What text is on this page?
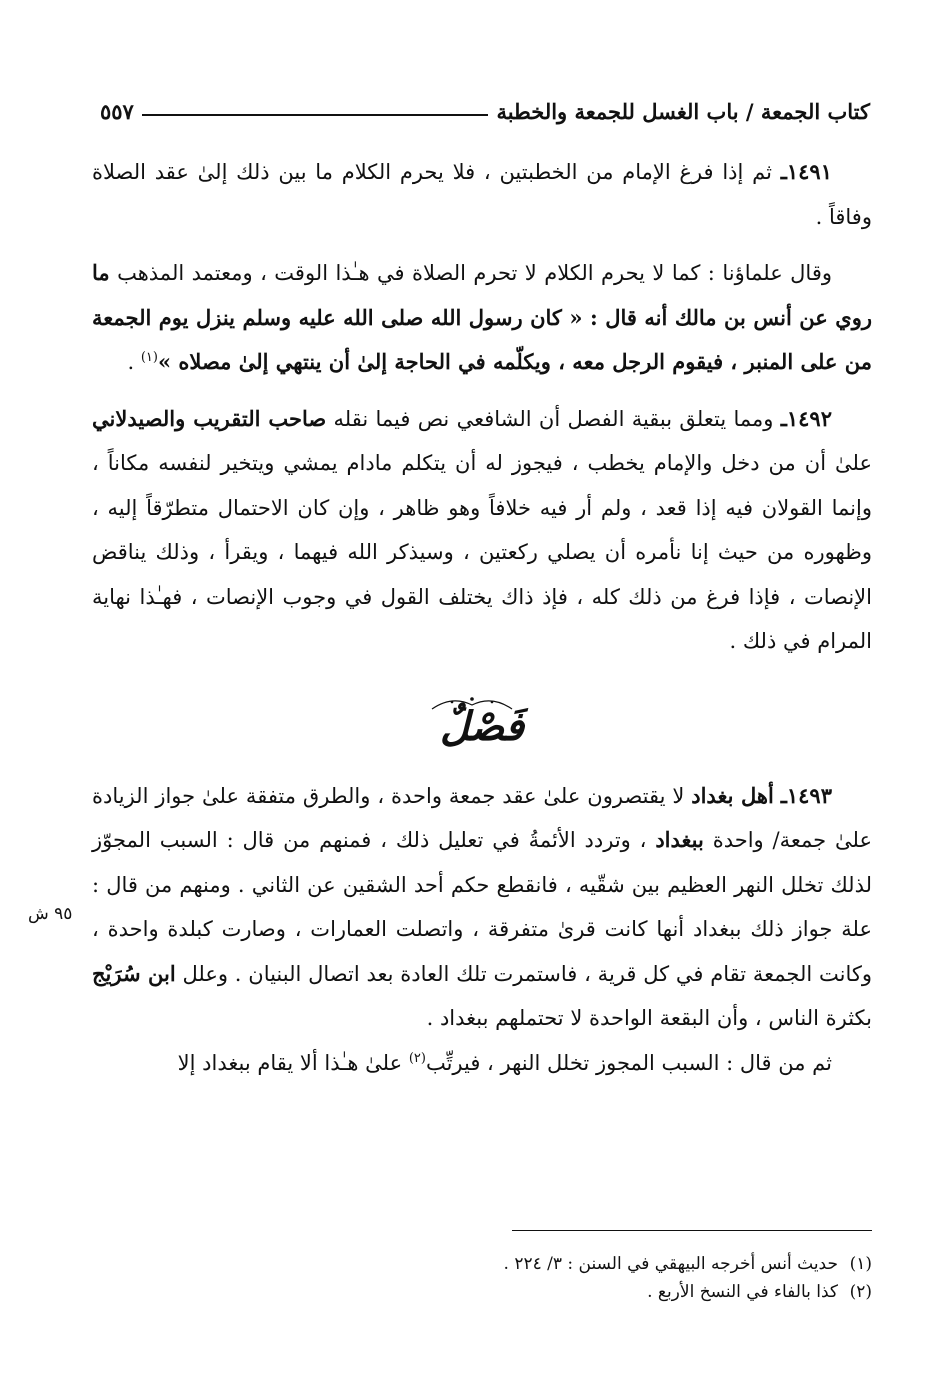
كتاب الجمعة / باب الغسل للجمعة والخطبة
٥٥٧
٩٥ ش

١٤٩١ـ ثم إذا فرغ الإمام من الخطبتين ، فلا يحرم الكلام ما بين ذلك إلىٰ عقد الصلاة وفاقاً .

وقال علماؤنا : كما لا يحرم الكلام لا تحرم الصلاة في هـٰذا الوقت ، ومعتمد المذهب ما روي عن أنس بن مالك أنه قال : « كان رسول الله صلى الله عليه وسلم ينزل يوم الجمعة من على المنبر ، فيقوم الرجل معه ، ويكلّمه في الحاجة إلىٰ أن ينتهي إلىٰ مصلاه »$^{(١)}$ .

١٤٩٢ـ ومما يتعلق ببقية الفصل أن الشافعي نص فيما نقله صاحب التقريب والصيدلاني علىٰ أن من دخل والإمام يخطب ، فيجوز له أن يتكلم مادام يمشي ويتخير لنفسه مكاناً ، وإنما القولان فيه إذا قعد ، ولم أر فيه خلافاً وهو ظاهر ، وإن كان الاحتمال متطرّقاً إليه ، وظهوره من حيث إنا نأمره أن يصلي ركعتين ، وسيذكر الله فيهما ، ويقرأ ، وذلك يناقض الإنصات ، فإذا فرغ من ذلك كله ، فإذ ذاك يختلف القول في وجوب الإنصات ، فهـٰذا نهاية المرام في ذلك .

فَصْلٌ

١٤٩٣ـ أهل بغداد لا يقتصرون علىٰ عقد جمعة واحدة ، والطرق متفقة علىٰ جواز الزيادة علىٰ جمعة/ واحدة ببغداد ، وتردد الأئمةُ في تعليل ذلك ، فمنهم من قال : السبب المجوّز لذلك تخلل النهر العظيم بين شقّيه ، فانقطع حكم أحد الشقين عن الثاني . ومنهم من قال : علة جواز ذلك ببغداد أنها كانت قرىٰ متفرقة ، واتصلت العمارات ، وصارت كبلدة واحدة ، وكانت الجمعة تقام في كل قرية ، فاستمرت تلك العادة بعد اتصال البنيان . وعلل ابن سُرَيْج بكثرة الناس ، وأن البقعة الواحدة لا تحتملهم ببغداد .

ثم من قال : السبب المجوز تخلل النهر ، فيرتِّب$^{(٢)}$ علىٰ هـٰذا ألا يقام ببغداد إلا

(١)حديث أنس أخرجه البيهقي في السنن : ٣/ ٢٢٤ .

(٢)كذا بالفاء في النسخ الأربع .
